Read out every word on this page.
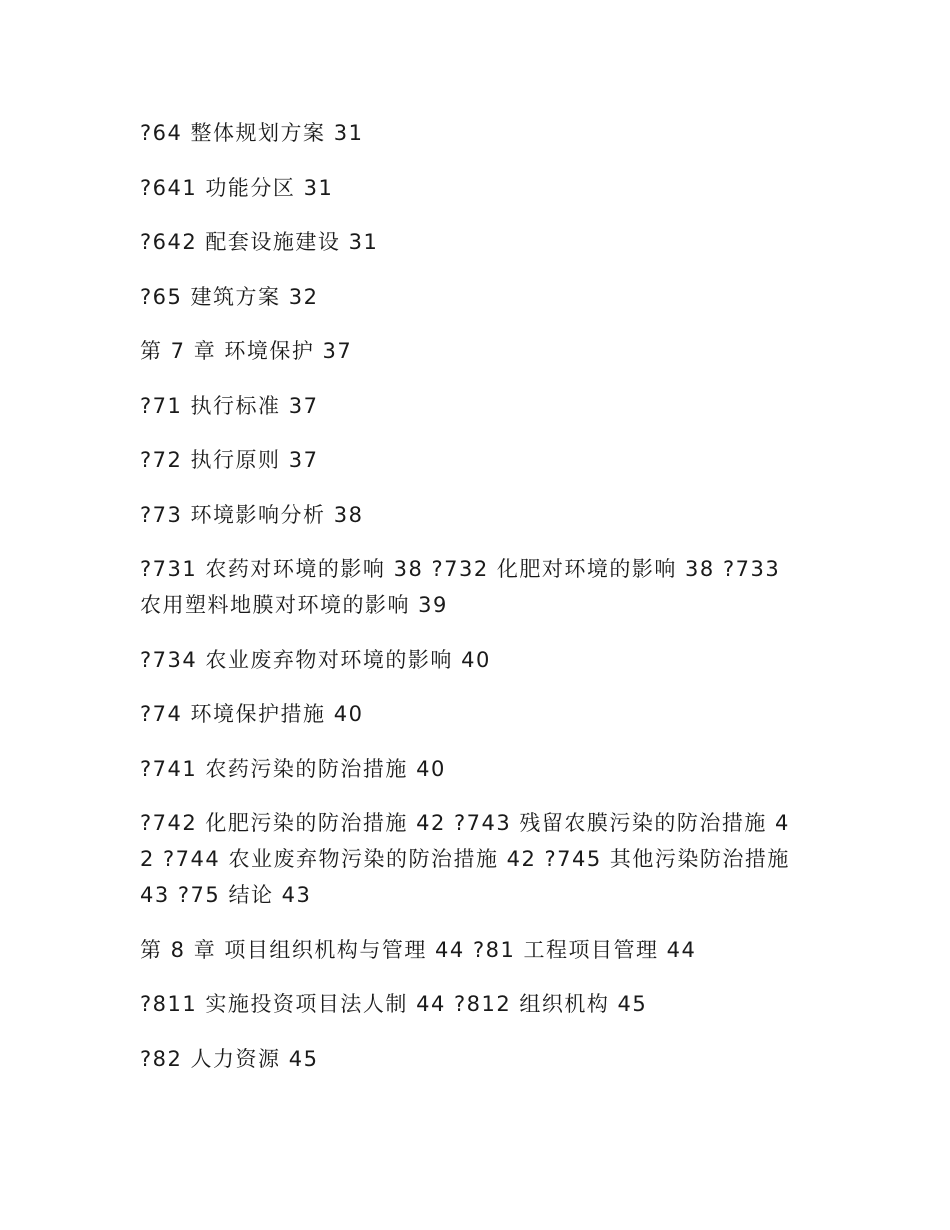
?64 整体规划方案 31

?641 功能分区 31

?642 配套设施建设 31

?65 建筑方案 32

第 7 章 环境保护 37

?71 执行标准 37

?72 执行原则 37

?73 环境影响分析 38

?731 农药对环境的影响 38 ?732 化肥对环境的影响 38 ?733 农用塑料地膜对环境的影响 39

?734 农业废弃物对环境的影响 40

?74 环境保护措施 40

?741 农药污染的防治措施 40

?742 化肥污染的防治措施 42 ?743 残留农膜污染的防治措施 42 ?744 农业废弃物污染的防治措施 42 ?745 其他污染防治措施 43 ?75 结论 43

第 8 章 项目组织机构与管理 44 ?81 工程项目管理 44

?811 实施投资项目法人制 44 ?812 组织机构 45

?82 人力资源 45
